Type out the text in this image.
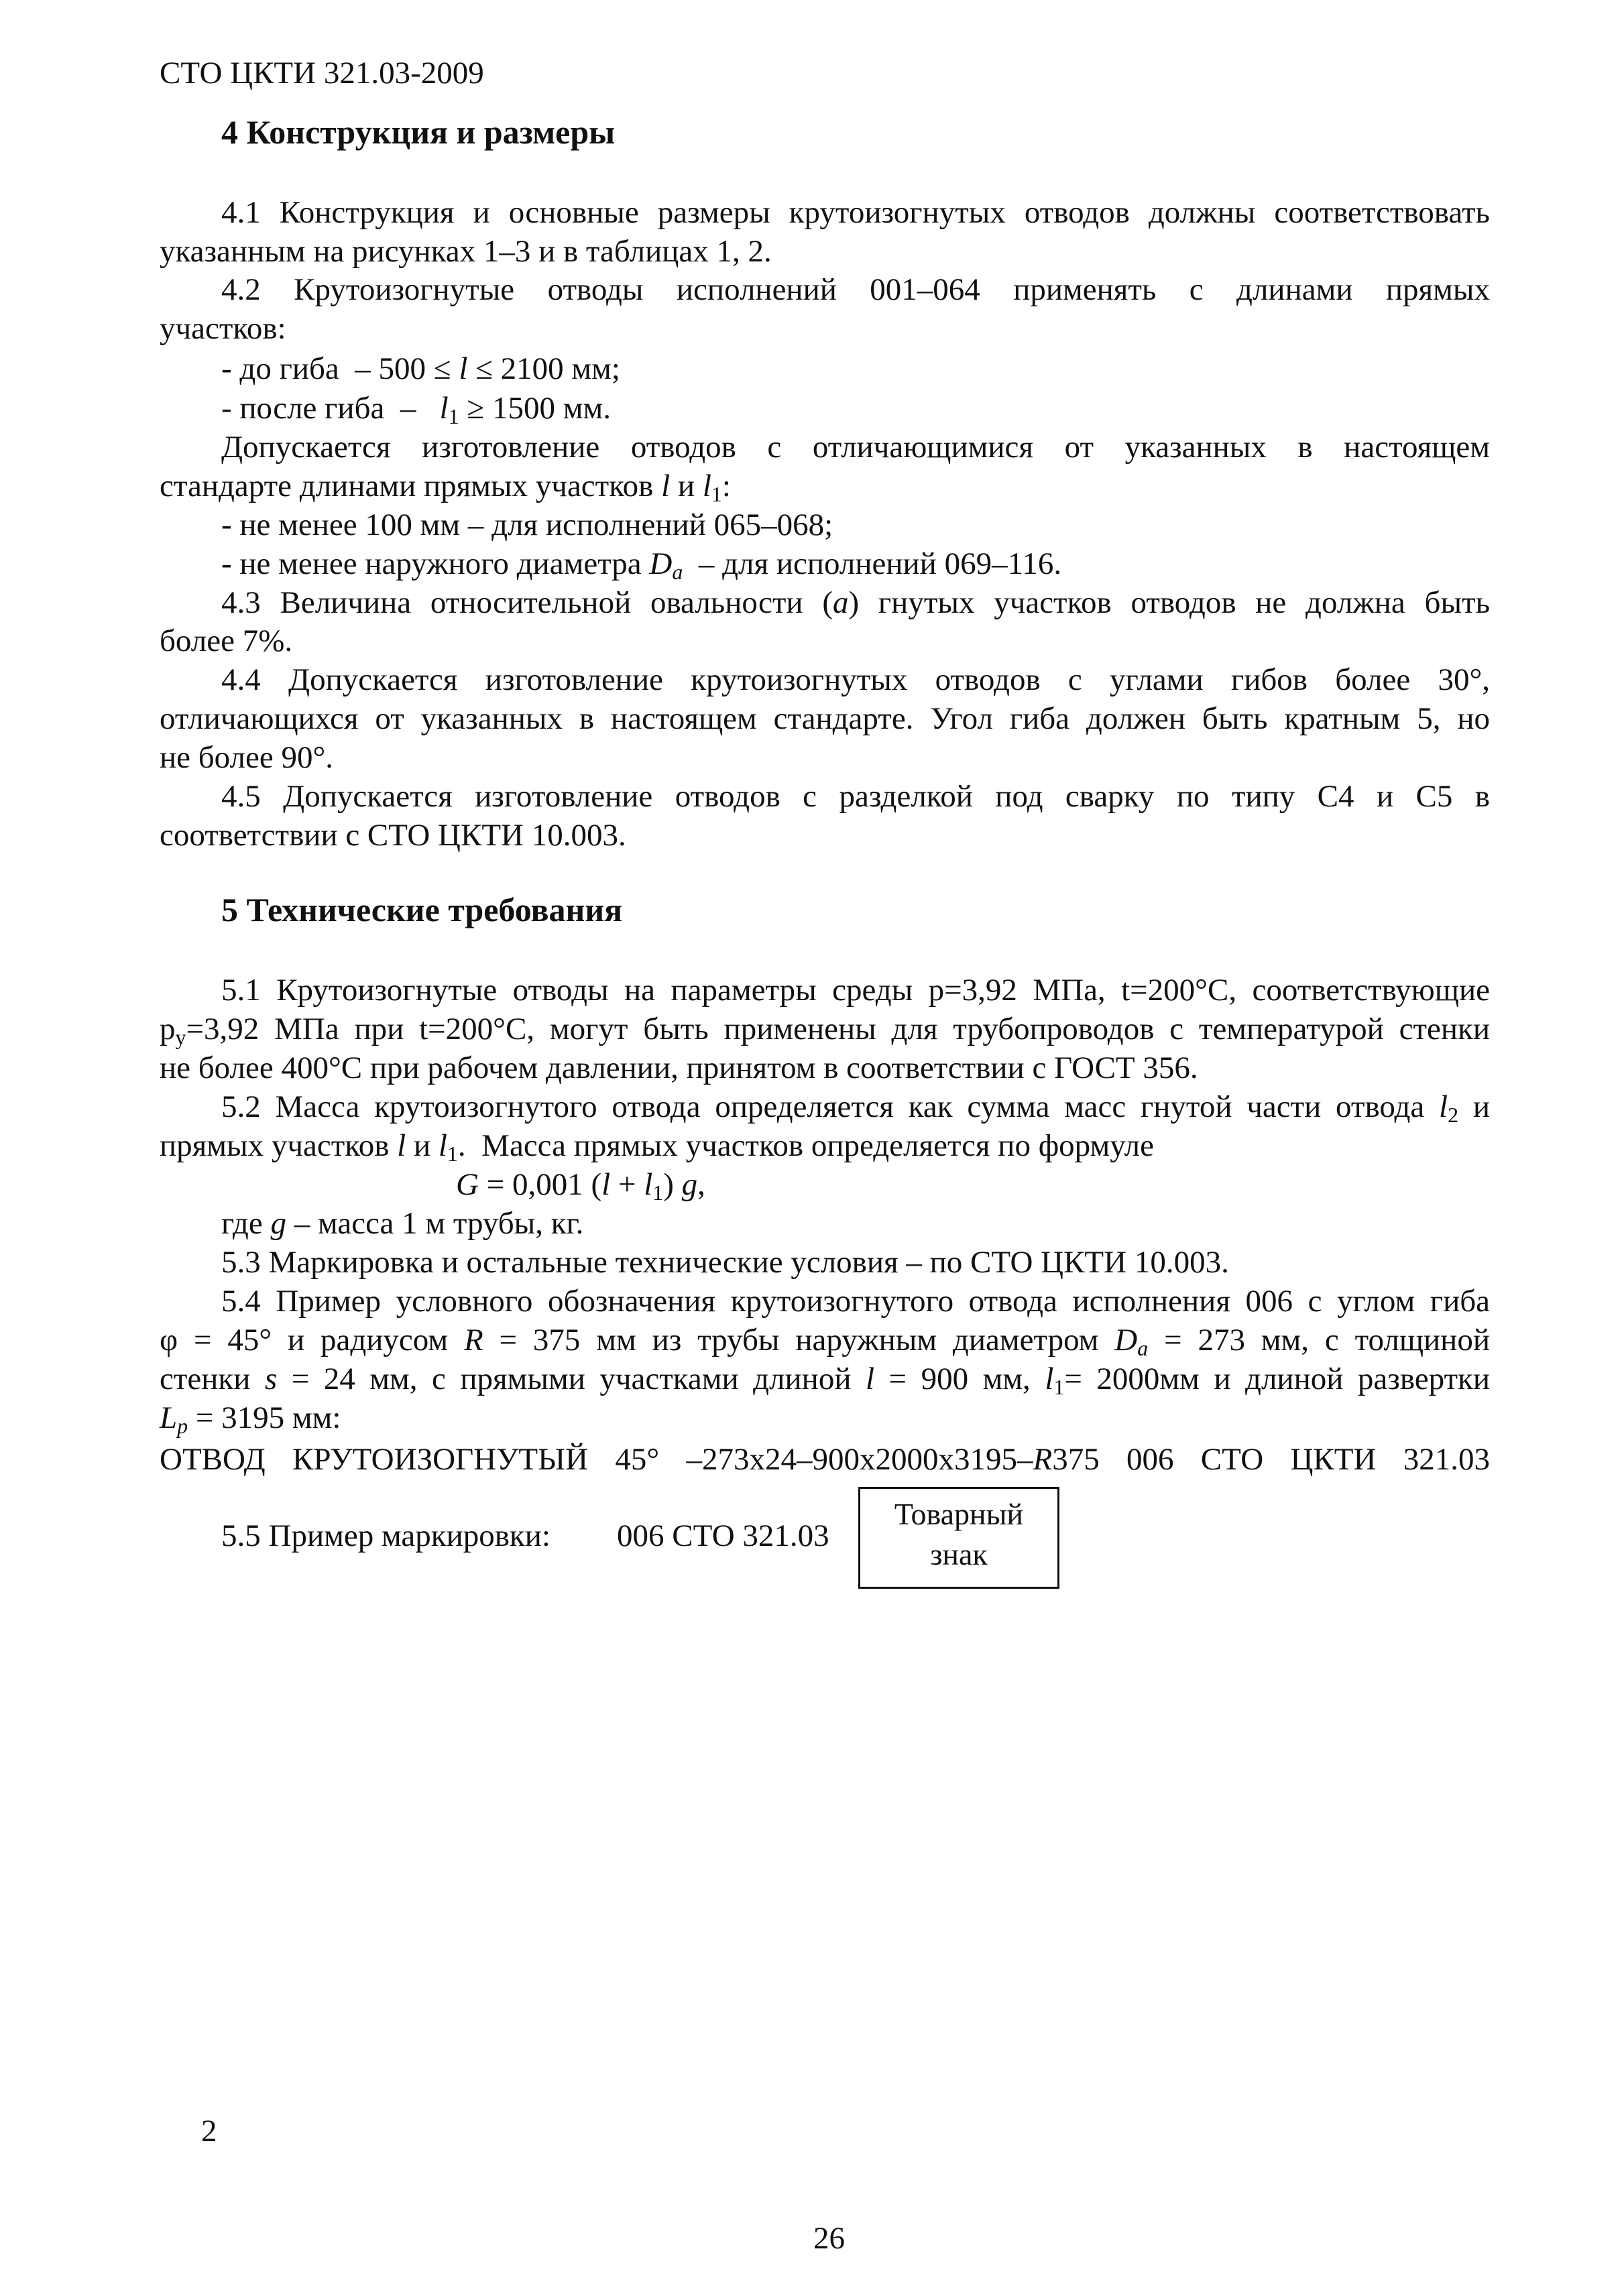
СТО ЦКТИ 321.03-2009
4 Конструкция и размеры
4.1 Конструкция и основные размеры крутоизогнутых отводов должны соответствовать
указанным на рисунках 1–3 и в таблицах 1, 2.
4.2 Крутоизогнутые отводы исполнений 001–064 применять с длинами прямых
участков:
- до гиба  – 500 ≤ l ≤ 2100 мм;
- после гиба  –   $l_1 \ge 1500$ мм.
Допускается изготовление отводов с отличающимися от указанных в настоящем
стандарте длинами прямых участков l и $l_1$:
- не менее 100 мм – для исполнений 065–068;
- не менее наружного диаметра $D_a$  – для исполнений 069–116.
4.3 Величина относительной овальности (a) гнутых участков отводов не должна быть
более 7%.
4.4 Допускается изготовление крутоизогнутых отводов с углами гибов более 30°,
отличающихся от указанных в настоящем стандарте. Угол гиба должен быть кратным 5, но
не более 90°.
4.5 Допускается изготовление отводов с разделкой под сварку по типу С4 и С5 в
соответствии с СТО ЦКТИ 10.003.
5 Технические требования
5.1 Крутоизогнутые отводы на параметры среды р=3,92 МПа, t=200°С, соответствующие
$р_у=3,92$ МПа при t=200°С, могут быть применены для трубопроводов с температурой стенки
не более 400°С при рабочем давлении, принятом в соответствии с ГОСТ 356.
5.2 Масса крутоизогнутого отвода определяется как сумма масс гнутой части отвода $l_2$ и
прямых участков l и $l_1$.  Масса прямых участков определяется по формуле
G = 0,001 $(l + l_1)$ g,
где g – масса 1 м трубы, кг.
5.3 Маркировка и остальные технические условия – по СТО ЦКТИ 10.003.
5.4 Пример условного обозначения крутоизогнутого отвода исполнения 006 с углом гиба
φ = 45° и радиусом R = 375 мм из трубы наружным диаметром $D_a = 273$ мм, с толщиной
стенки s = 24 мм, с прямыми участками длиной l = 900 мм, $l_1= 2000мм$ и длиной развертки
$L_p = 3195$ мм:
ОТВОД КРУТОИЗОГНУТЫЙ 45° –273х24–900х2000х3195–R375 006 СТО ЦКТИ 321.03
5.5 Пример маркировки: 006 СТО 321.03
Товарный
знак
2
26
